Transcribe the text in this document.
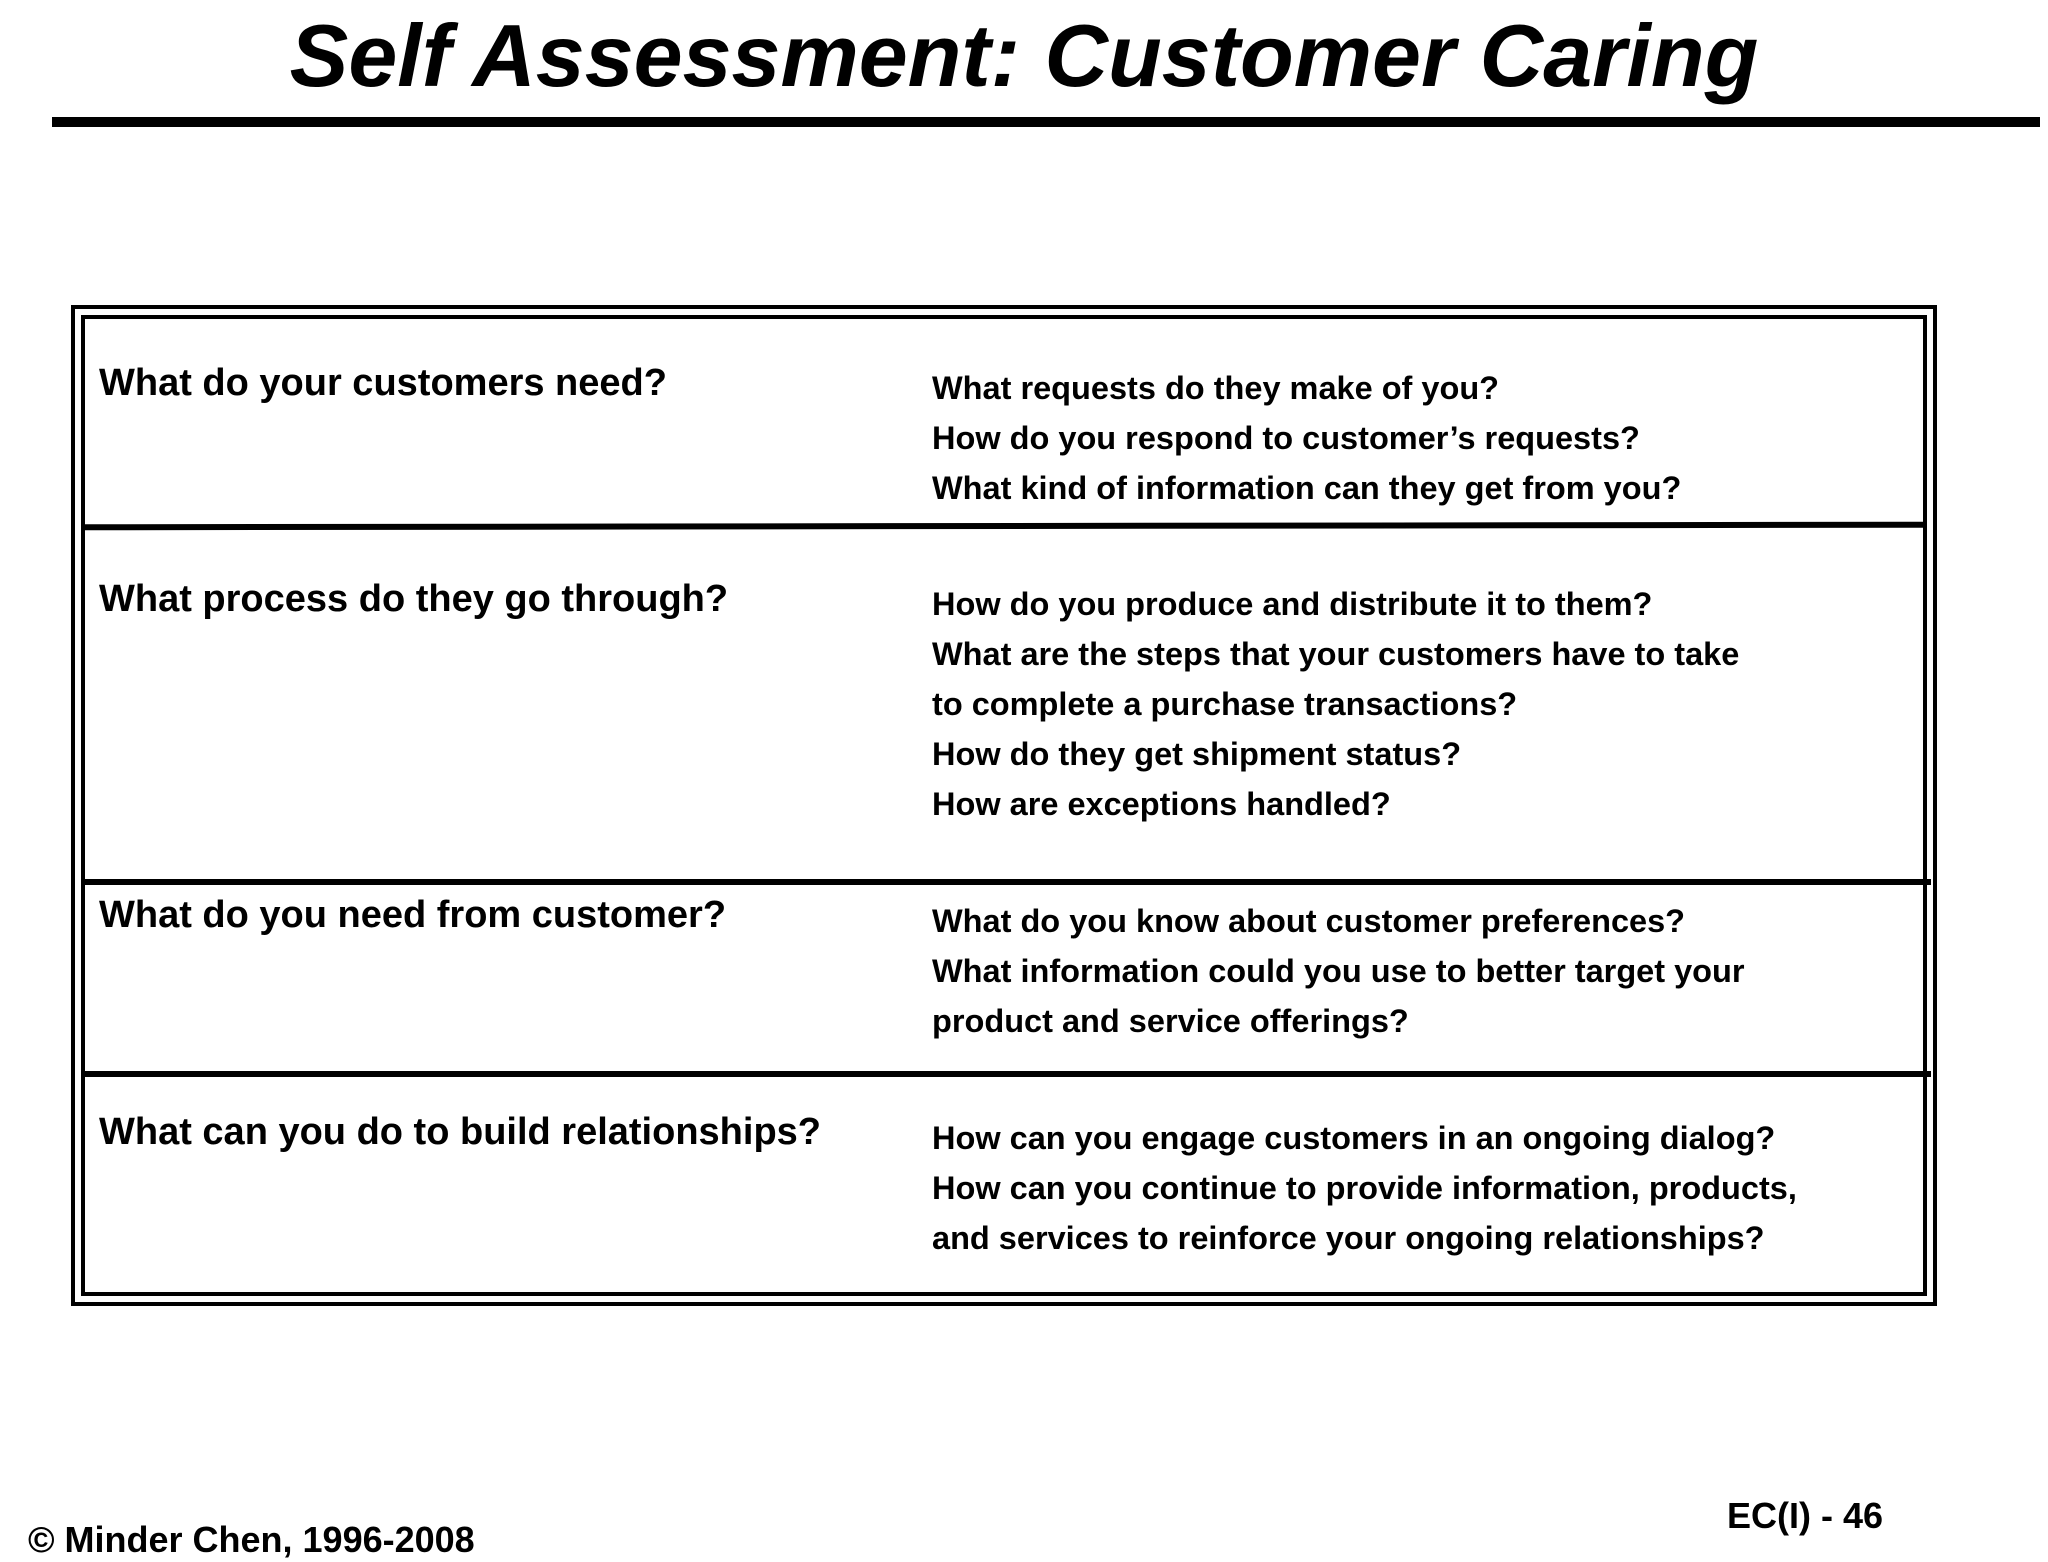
Self Assessment: Customer Caring
What do your customers need?	What requests do they make of you?
How do you respond to customer’s requests?
What kind of information can they get from you?
What process do they go through?	How do you produce and distribute it to them?
What are the steps that your customers have to take
to complete a purchase transactions?
How do they get shipment status?
How are exceptions handled?
What do you need from customer?	What do you know about customer preferences?
What information could you use to better target your
product and service offerings?
What can you do to build relationships?	How can you engage customers in an ongoing dialog?
How can you continue to provide information, products,
and services to reinforce your ongoing relationships?
EC(I) - 46
© Minder Chen, 1996-2008
